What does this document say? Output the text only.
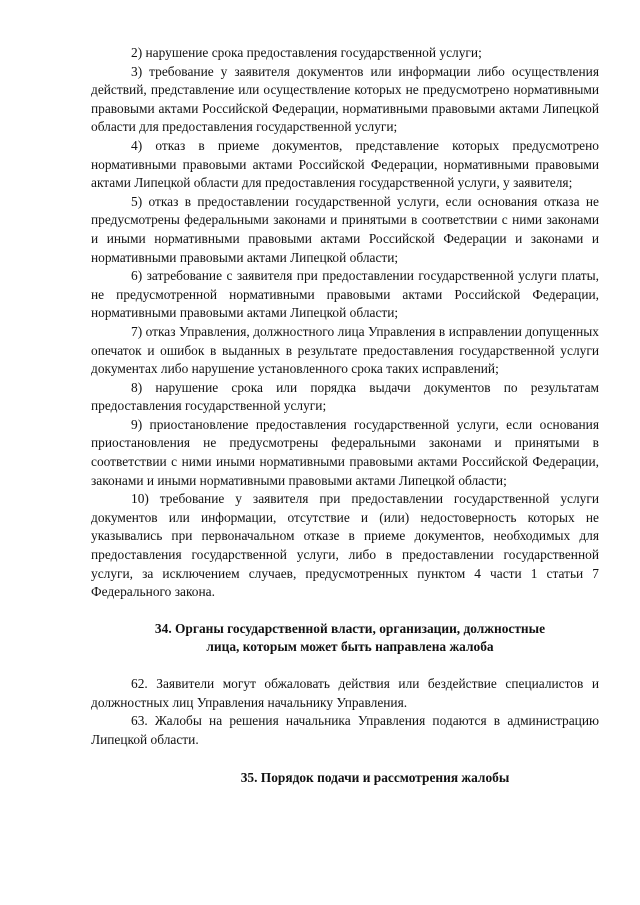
2) нарушение срока предоставления государственной услуги;

3) требование у заявителя документов или информации либо осуществления действий, представление или осуществление которых не предусмотрено нормативными правовыми актами Российской Федерации, нормативными правовыми актами Липецкой области для предоставления государственной услуги;

4) отказ в приеме документов, представление которых предусмотрено нормативными правовыми актами Российской Федерации, нормативными правовыми актами Липецкой области для предоставления государственной услуги, у заявителя;

5) отказ в предоставлении государственной услуги, если основания отказа не предусмотрены федеральными законами и принятыми в соответствии с ними законами и иными нормативными правовыми актами Российской Федерации и законами и нормативными правовыми актами Липецкой области;

6) затребование с заявителя при предоставлении государственной услуги платы, не предусмотренной нормативными правовыми актами Российской Федерации, нормативными правовыми актами Липецкой области;

7) отказ Управления, должностного лица Управления в исправлении допущенных опечаток и ошибок в выданных в результате предоставления государственной услуги документах либо нарушение установленного срока таких исправлений;

8) нарушение срока или порядка выдачи документов по результатам предоставления государственной услуги;

9) приостановление предоставления государственной услуги, если основания приостановления не предусмотрены федеральными законами и принятыми в соответствии с ними иными нормативными правовыми актами Российской Федерации, законами и иными нормативными правовыми актами Липецкой области;

10) требование у заявителя при предоставлении государственной услуги документов или информации, отсутствие и (или) недостоверность которых не указывались при первоначальном отказе в приеме документов, необходимых для предоставления государственной услуги, либо в предоставлении государственной услуги, за исключением случаев, предусмотренных пунктом 4 части 1 статьи 7 Федерального закона.

34. Органы государственной власти, организации, должностные
лица, которым может быть направлена жалоба

62. Заявители могут обжаловать действия или бездействие специалистов и должностных лиц Управления начальнику Управления.

63. Жалобы на решения начальника Управления подаются в администрацию Липецкой области.

35. Порядок подачи и рассмотрения жалобы
